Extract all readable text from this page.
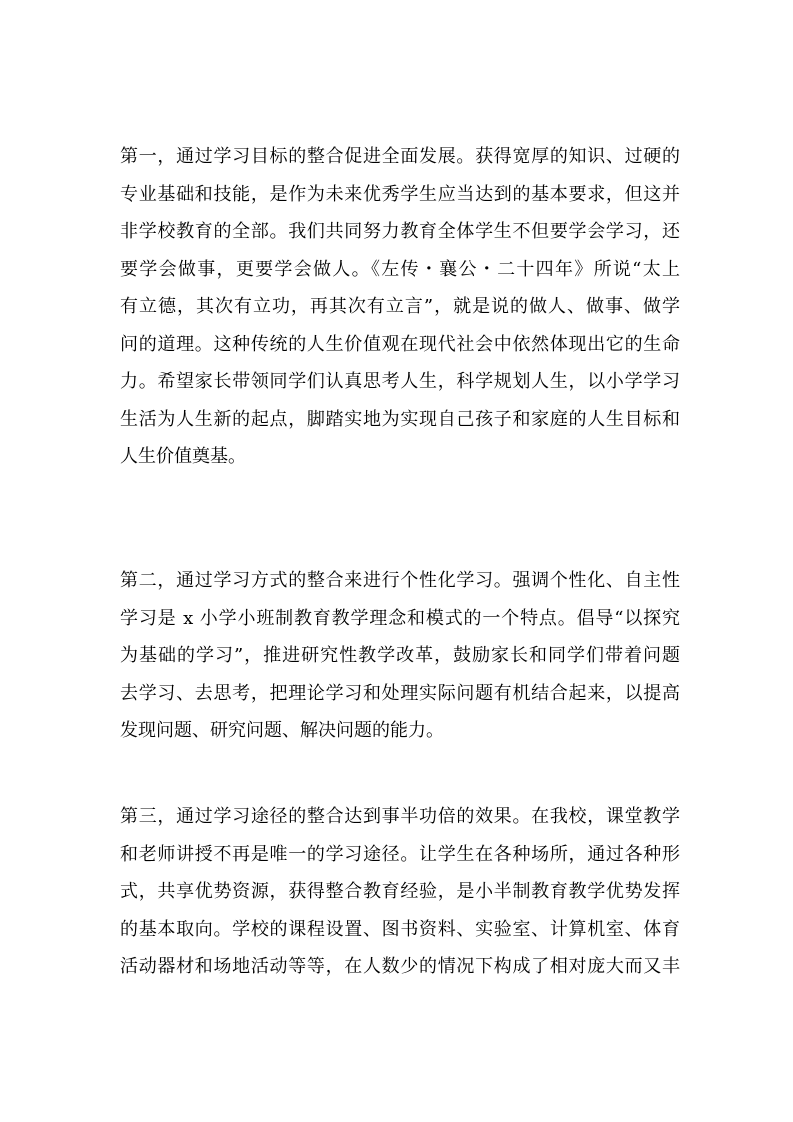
第一，通过学习目标的整合促进全面发展。获得宽厚的知识、过硬的
专业基础和技能，是作为未来优秀学生应当达到的基本要求，但这并
非学校教育的全部。我们共同努力教育全体学生不但要学会学习，还
要学会做事，更要学会做人。《左传・襄公・二十四年》所说“太上
有立德，其次有立功，再其次有立言”，就是说的做人、做事、做学
问的道理。这种传统的人生价值观在现代社会中依然体现出它的生命
力。希望家长带领同学们认真思考人生，科学规划人生，以小学学习
生活为人生新的起点，脚踏实地为实现自己孩子和家庭的人生目标和
人生价值奠基。
第二，通过学习方式的整合来进行个性化学习。强调个性化、自主性
学习是 x 小学小班制教育教学理念和模式的一个特点。倡导“以探究
为基础的学习”，推进研究性教学改革，鼓励家长和同学们带着问题
去学习、去思考，把理论学习和处理实际问题有机结合起来，以提高
发现问题、研究问题、解决问题的能力。
第三，通过学习途径的整合达到事半功倍的效果。在我校，课堂教学
和老师讲授不再是唯一的学习途径。让学生在各种场所，通过各种形
式，共享优势资源，获得整合教育经验，是小半制教育教学优势发挥
的基本取向。学校的课程设置、图书资料、实验室、计算机室、体育
活动器材和场地活动等等，在人数少的情况下构成了相对庞大而又丰
